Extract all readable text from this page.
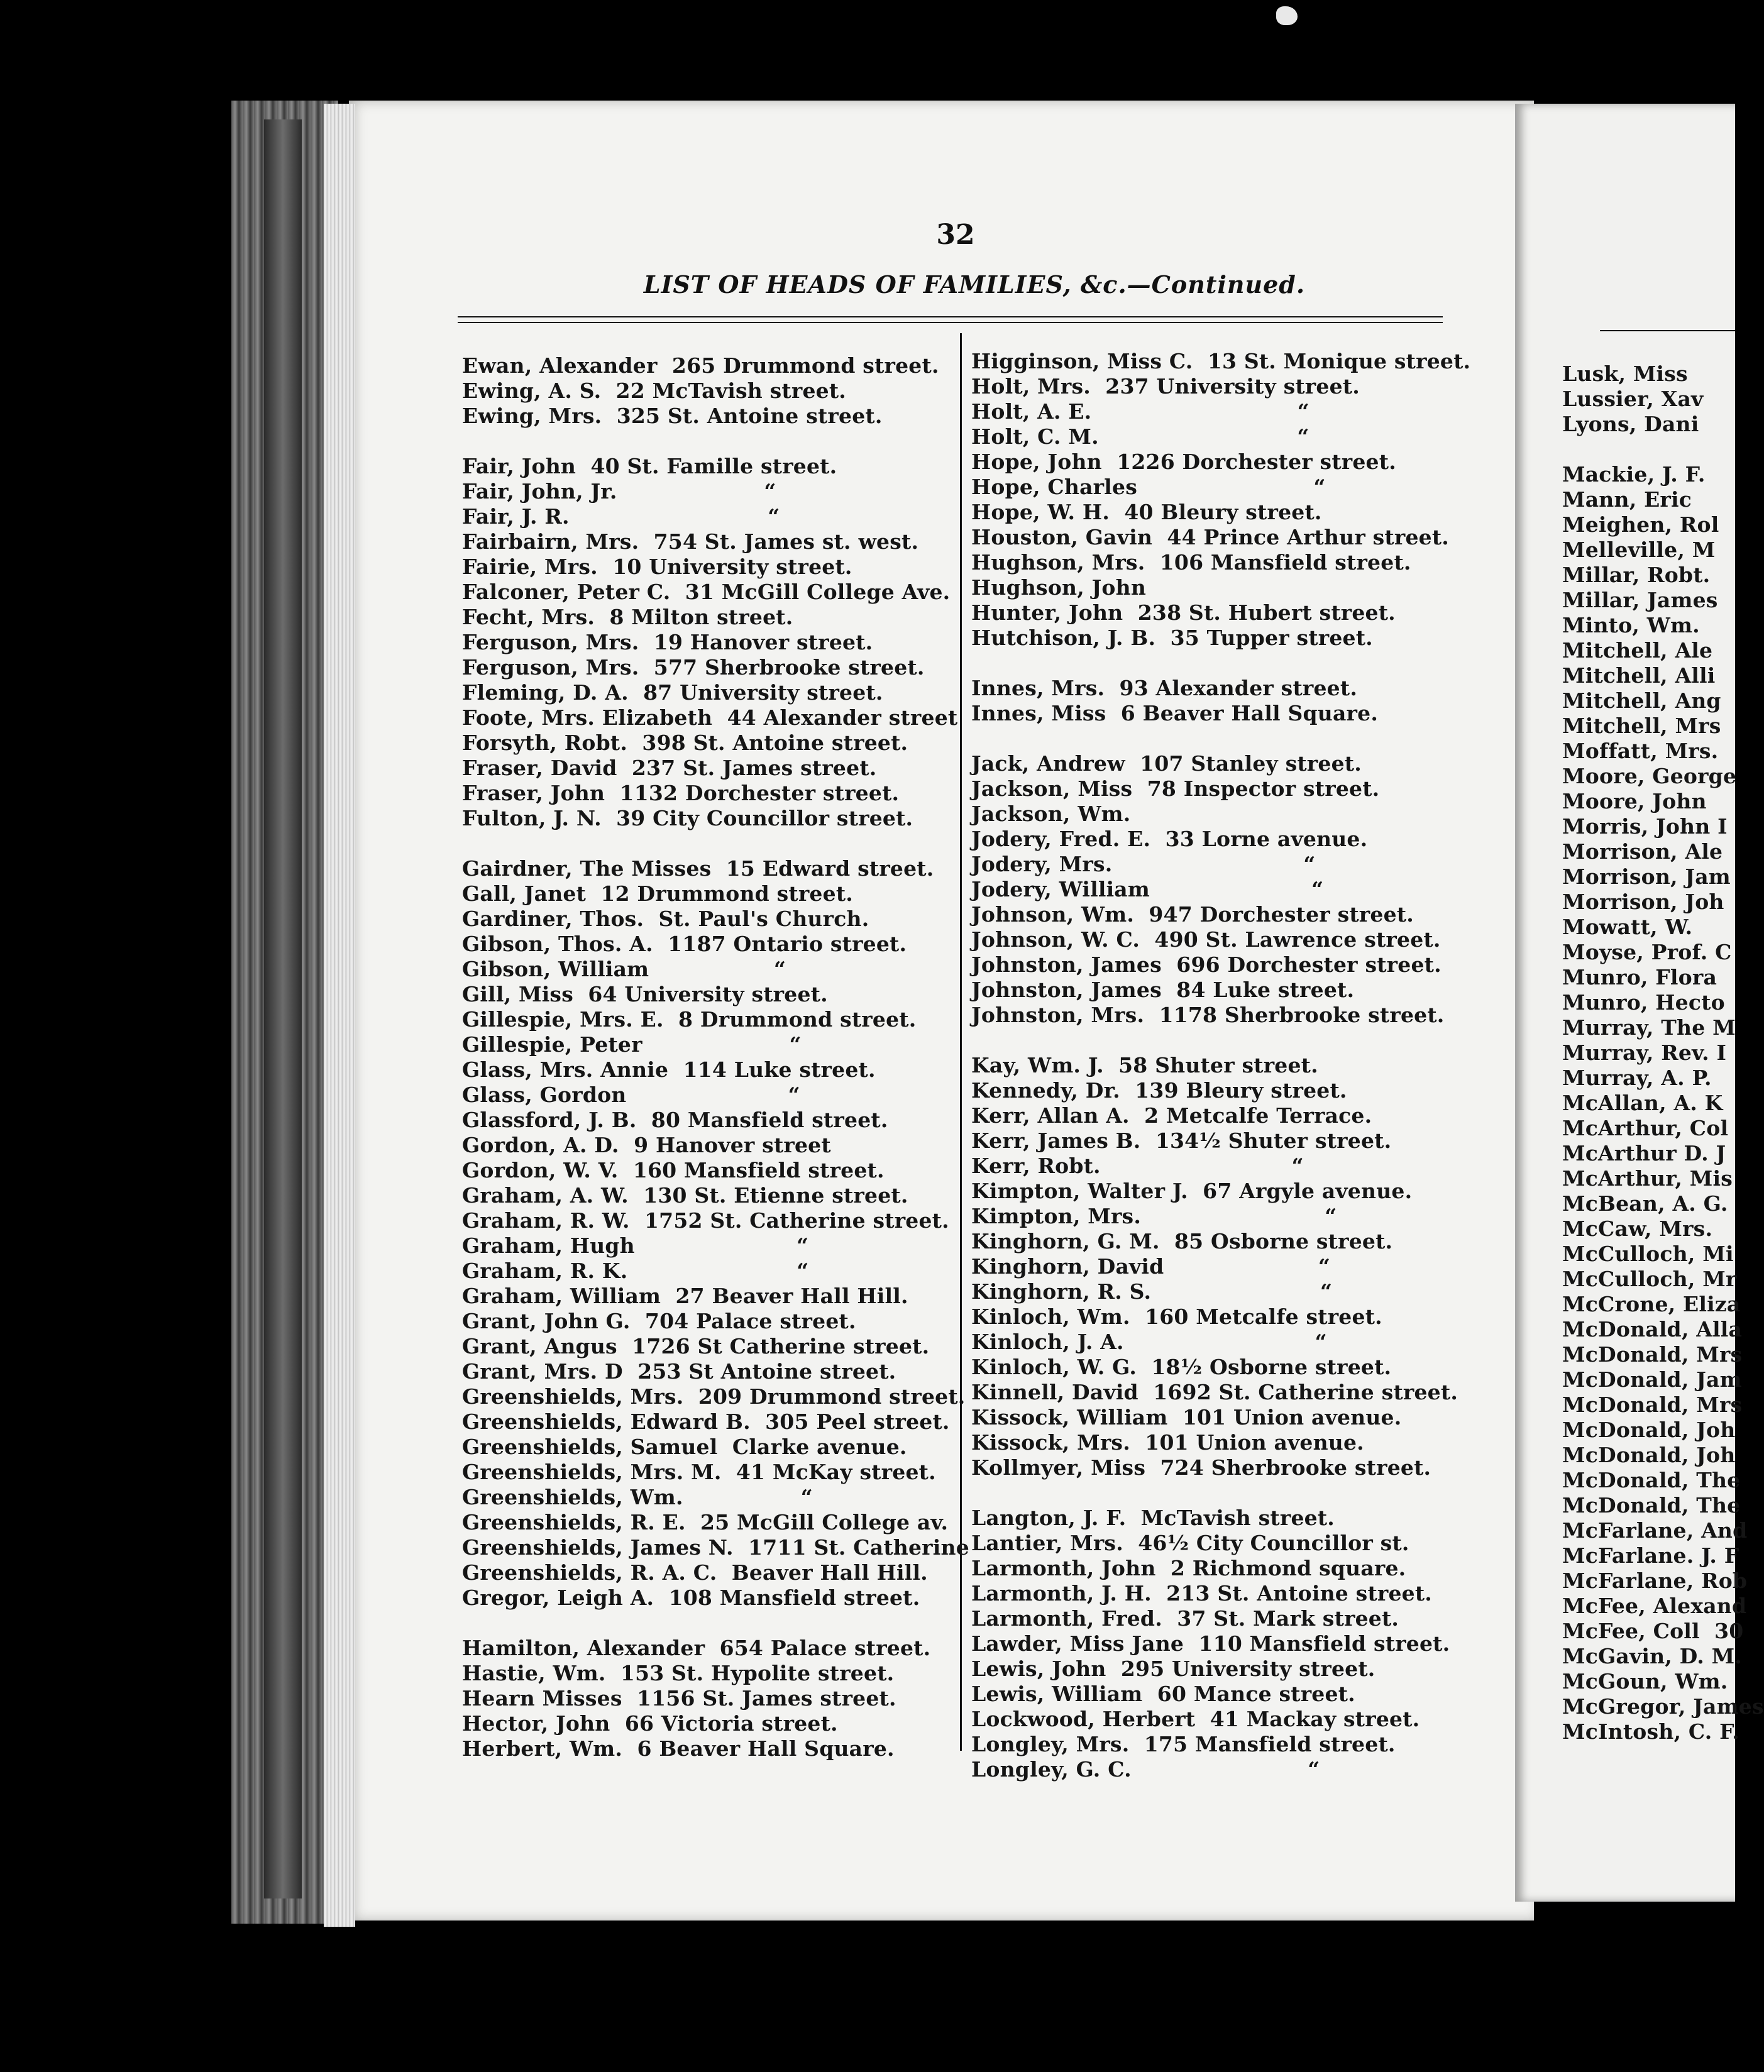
32
LIST OF HEADS OF FAMILIES, &c.—Continued.
Ewan, Alexander  265 Drummond street.
Ewing, A. S.  22 McTavish street.
Ewing, Mrs.  325 St. Antoine street.
Fair, John  40 St. Famille street.
Fair, John, Jr.                    “
Fair, J. R.                           “
Fairbairn, Mrs.  754 St. James st. west.
Fairie, Mrs.  10 University street.
Falconer, Peter C.  31 McGill College Ave.
Fecht, Mrs.  8 Milton street.
Ferguson, Mrs.  19 Hanover street.
Ferguson, Mrs.  577 Sherbrooke street.
Fleming, D. A.  87 University street.
Foote, Mrs. Elizabeth  44 Alexander street
Forsyth, Robt.  398 St. Antoine street.
Fraser, David  237 St. James street.
Fraser, John  1132 Dorchester street.
Fulton, J. N.  39 City Councillor street.
Gairdner, The Misses  15 Edward street.
Gall, Janet  12 Drummond street.
Gardiner, Thos.  St. Paul's Church.
Gibson, Thos. A.  1187 Ontario street.
Gibson, William                 “
Gill, Miss  64 University street.
Gillespie, Mrs. E.  8 Drummond street.
Gillespie, Peter                    “
Glass, Mrs. Annie  114 Luke street.
Glass, Gordon                      “
Glassford, J. B.  80 Mansfield street.
Gordon, A. D.  9 Hanover street
Gordon, W. V.  160 Mansfield street.
Graham, A. W.  130 St. Etienne street.
Graham, R. W.  1752 St. Catherine street.
Graham, Hugh                      “
Graham, R. K.                       “
Graham, William  27 Beaver Hall Hill.
Grant, John G.  704 Palace street.
Grant, Angus  1726 St Catherine street.
Grant, Mrs. D  253 St Antoine street.
Greenshields, Mrs.  209 Drummond street.
Greenshields, Edward B.  305 Peel street.
Greenshields, Samuel  Clarke avenue.
Greenshields, Mrs. M.  41 McKay street.
Greenshields, Wm.                “
Greenshields, R. E.  25 McGill College av.
Greenshields, James N.  1711 St. Catherine
Greenshields, R. A. C.  Beaver Hall Hill.
Gregor, Leigh A.  108 Mansfield street.
Hamilton, Alexander  654 Palace street.
Hastie, Wm.  153 St. Hypolite street.
Hearn Misses  1156 St. James street.
Hector, John  66 Victoria street.
Herbert, Wm.  6 Beaver Hall Square.
Higginson, Miss C.  13 St. Monique street.
Holt, Mrs.  237 University street.
Holt, A. E.                            “
Holt, C. M.                           “
Hope, John  1226 Dorchester street.
Hope, Charles                        “
Hope, W. H.  40 Bleury street.
Houston, Gavin  44 Prince Arthur street.
Hughson, Mrs.  106 Mansfield street.
Hughson, John
Hunter, John  238 St. Hubert street.
Hutchison, J. B.  35 Tupper street.
Innes, Mrs.  93 Alexander street.
Innes, Miss  6 Beaver Hall Square.
Jack, Andrew  107 Stanley street.
Jackson, Miss  78 Inspector street.
Jackson, Wm.
Jodery, Fred. E.  33 Lorne avenue.
Jodery, Mrs.                          “
Jodery, William                      “
Johnson, Wm.  947 Dorchester street.
Johnson, W. C.  490 St. Lawrence street.
Johnston, James  696 Dorchester street.
Johnston, James  84 Luke street.
Johnston, Mrs.  1178 Sherbrooke street.
Kay, Wm. J.  58 Shuter street.
Kennedy, Dr.  139 Bleury street.
Kerr, Allan A.  2 Metcalfe Terrace.
Kerr, James B.  134½ Shuter street.
Kerr, Robt.                          “
Kimpton, Walter J.  67 Argyle avenue.
Kimpton, Mrs.                         “
Kinghorn, G. M.  85 Osborne street.
Kinghorn, David                     “
Kinghorn, R. S.                       “
Kinloch, Wm.  160 Metcalfe street.
Kinloch, J. A.                          “
Kinloch, W. G.  18½ Osborne street.
Kinnell, David  1692 St. Catherine street.
Kissock, William  101 Union avenue.
Kissock, Mrs.  101 Union avenue.
Kollmyer, Miss  724 Sherbrooke street.
Langton, J. F.  McTavish street.
Lantier, Mrs.  46½ City Councillor st.
Larmonth, John  2 Richmond square.
Larmonth, J. H.  213 St. Antoine street.
Larmonth, Fred.  37 St. Mark street.
Lawder, Miss Jane  110 Mansfield street.
Lewis, John  295 University street.
Lewis, William  60 Mance street.
Lockwood, Herbert  41 Mackay street.
Longley, Mrs.  175 Mansfield street.
Longley, G. C.                        “
Lusk, Miss
Lussier, Xav
Lyons, Dani
Mackie, J. F.
Mann, Eric
Meighen, Rol
Melleville, M
Millar, Robt.
Millar, James
Minto, Wm.
Mitchell, Ale
Mitchell, Alli
Mitchell, Ang
Mitchell, Mrs
Moffatt, Mrs.
Moore, George
Moore, John
Morris, John I
Morrison, Ale
Morrison, Jam
Morrison, Joh
Mowatt, W.
Moyse, Prof. C
Munro, Flora
Munro, Hecto
Murray, The M
Murray, Rev. I
Murray, A. P.
McAllan, A. K
McArthur, Col
McArthur D. J
McArthur, Mis
McBean, A. G.
McCaw, Mrs.
McCulloch, Mi
McCulloch, Mr
McCrone, Eliza
McDonald, Alla
McDonald, Mrs
McDonald, Jam
McDonald, Mrs
McDonald, Joh
McDonald, Joh
McDonald, The
McDonald, The
McFarlane, And
McFarlane. J. F
McFarlane, Rob
McFee, Alexand
McFee, Coll  30
McGavin, D. M.
McGoun, Wm.
McGregor, James
McIntosh, C. F.
